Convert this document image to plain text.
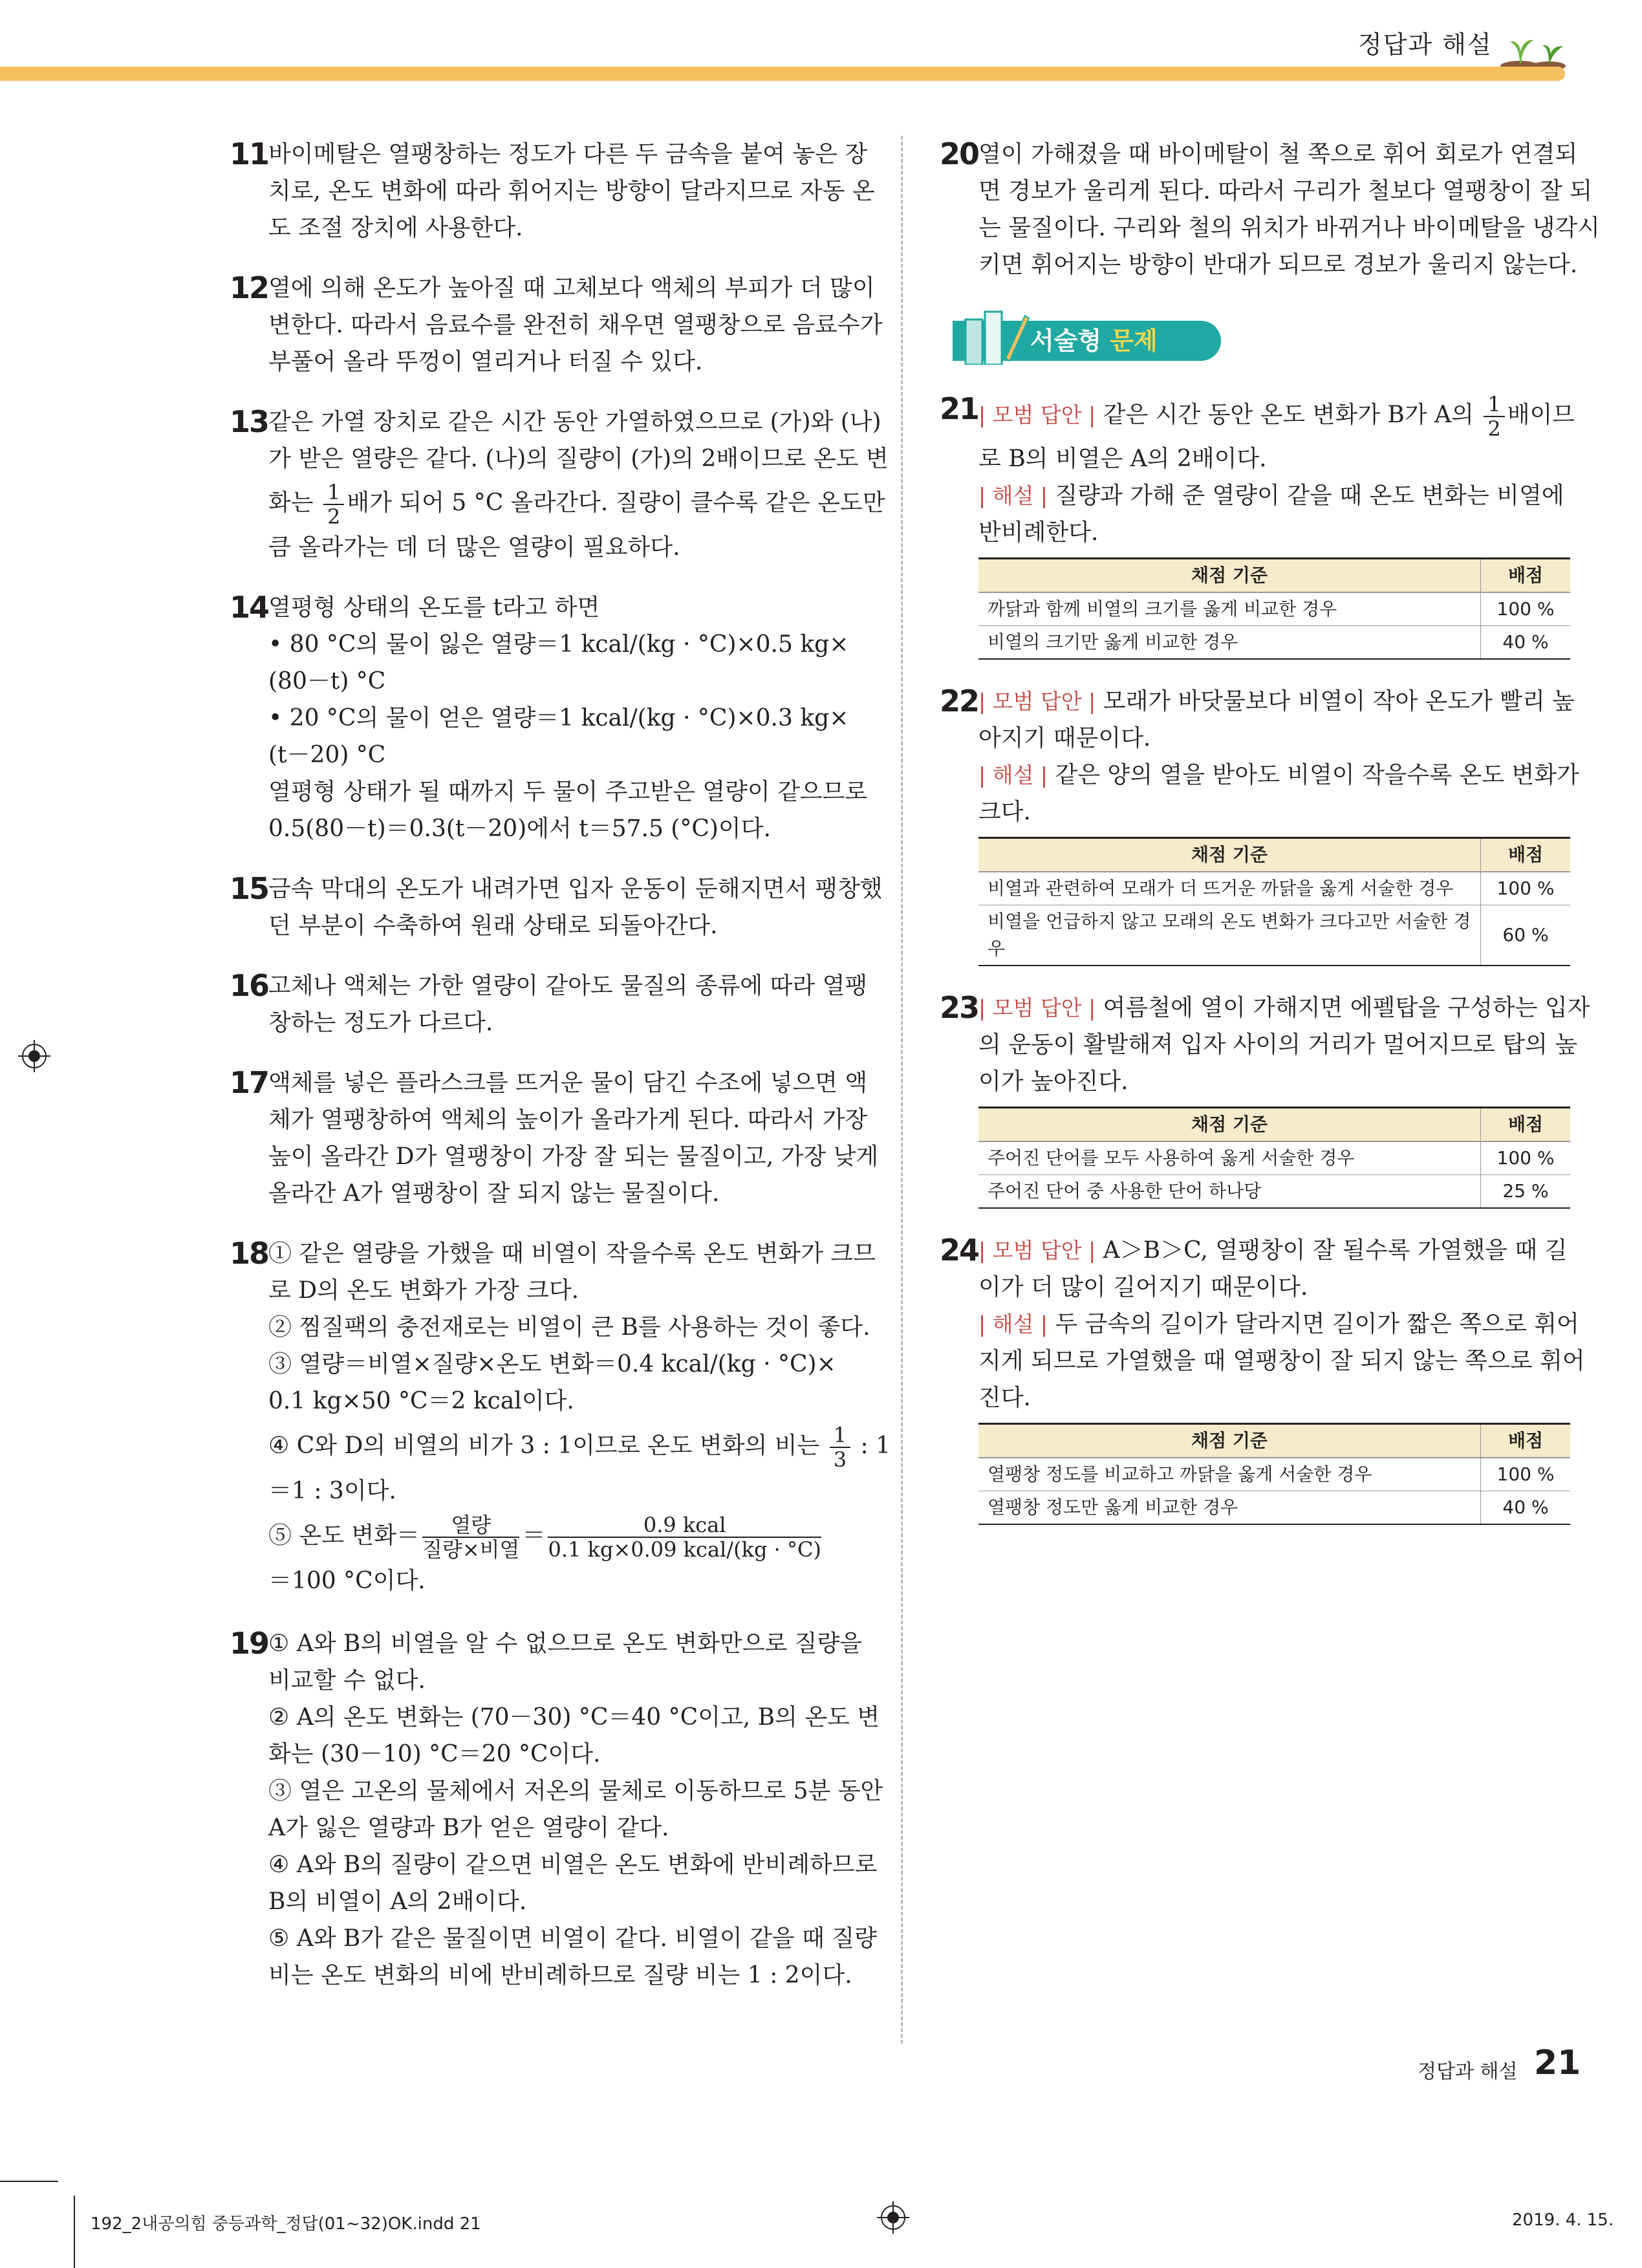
정답과 해설
11 바이메탈은 열팽창하는 정도가 다른 두 금속을 붙여 놓은 장
치로, 온도 변화에 따라 휘어지는 방향이 달라지므로 자동 온
도 조절 장치에 사용한다.
12 열에 의해 온도가 높아질 때 고체보다 액체의 부피가 더 많이
변한다. 따라서 음료수를 완전히 채우면 열팽창으로 음료수가
부풀어 올라 뚜껑이 열리거나 터질 수 있다.
13 같은 가열 장치로 같은 시간 동안 가열하였으므로 (가)와 (나)
가 받은 열량은 같다. (나)의 질량이 (가)의 2배이므로 온도 변
화는 $\frac{1}{2}$ 배가 되어 5 °C 올라간다. 질량이 클수록 같은 온도만
큼 올라가는 데 더 많은 열량이 필요하다.
14 열평형 상태의 온도를 t라고 하면
• 80 °C의 물이 잃은 열량＝1 kcal/(kg · °C)×0.5 kg×
(80－t) °C
• 20 °C의 물이 얻은 열량＝1 kcal/(kg · °C)×0.3 kg×
(t－20) °C
열평형 상태가 될 때까지 두 물이 주고받은 열량이 같으므로
0.5(80－t)＝0.3(t－20)에서 t＝57.5 (°C)이다.
15 금속 막대의 온도가 내려가면 입자 운동이 둔해지면서 팽창했
던 부분이 수축하여 원래 상태로 되돌아간다.
16 고체나 액체는 가한 열량이 같아도 물질의 종류에 따라 열팽
창하는 정도가 다르다.
17 액체를 넣은 플라스크를 뜨거운 물이 담긴 수조에 넣으면 액
체가 열팽창하여 액체의 높이가 올라가게 된다. 따라서 가장
높이 올라간 D가 열팽창이 가장 잘 되는 물질이고, 가장 낮게
올라간 A가 열팽창이 잘 되지 않는 물질이다.
18 ① 같은 열량을 가했을 때 비열이 작을수록 온도 변화가 크므
로 D의 온도 변화가 가장 크다.
② 찜질팩의 충전재로는 비열이 큰 B를 사용하는 것이 좋다.
③ 열량＝비열×질량×온도 변화＝0.4 kcal/(kg · °C)×
0.1 kg×50 °C＝2 kcal이다.
④ C와 D의 비열의 비가 3 : 1이므로 온도 변화의 비는 $\frac{1}{3}$ : 1
＝1 : 3이다.
⑤ 온도 변화＝ $\frac{\text{열량}}{\text{질량×비열}} = \frac{\text{0.9 kcal}}{\text{0.1 kg×0.09 kcal/(kg · °C)}}$
＝100 °C이다.
19 ① A와 B의 비열을 알 수 없으므로 온도 변화만으로 질량을
비교할 수 없다.
② A의 온도 변화는 (70－30) °C＝40 °C이고, B의 온도 변
화는 (30－10) °C＝20 °C이다.
③ 열은 고온의 물체에서 저온의 물체로 이동하므로 5분 동안
A가 잃은 열량과 B가 얻은 열량이 같다.
④ A와 B의 질량이 같으면 비열은 온도 변화에 반비례하므로
B의 비열이 A의 2배이다.
⑤ A와 B가 같은 물질이면 비열이 같다. 비열이 같을 때 질량
비는 온도 변화의 비에 반비례하므로 질량 비는 1 : 2이다.
20 열이 가해졌을 때 바이메탈이 철 쪽으로 휘어 회로가 연결되
면 경보가 울리게 된다. 따라서 구리가 철보다 열팽창이 잘 되
는 물질이다. 구리와 철의 위치가 바뀌거나 바이메탈을 냉각시
키면 휘어지는 방향이 반대가 되므로 경보가 울리지 않는다.
서술형 문제
21 | 모범 답안 | 같은 시간 동안 온도 변화가 B가 A의 $\frac{1}{2}$ 배이므
로 B의 비열은 A의 2배이다.
| 해설 | 질량과 가해 준 열량이 같을 때 온도 변화는 비열에
반비례한다.
채점 기준	배점
까닭과 함께 비열의 크기를 옳게 비교한 경우	100 %
비열의 크기만 옳게 비교한 경우	40 %
22 | 모범 답안 | 모래가 바닷물보다 비열이 작아 온도가 빨리 높
아지기 때문이다.
| 해설 | 같은 양의 열을 받아도 비열이 작을수록 온도 변화가
크다.
채점 기준	배점
비열과 관련하여 모래가 더 뜨거운 까닭을 옳게 서술한 경우	100 %
비열을 언급하지 않고 모래의 온도 변화가 크다고만 서술한 경우	60 %
23 | 모범 답안 | 여름철에 열이 가해지면 에펠탑을 구성하는 입자
의 운동이 활발해져 입자 사이의 거리가 멀어지므로 탑의 높
이가 높아진다.
채점 기준	배점
주어진 단어를 모두 사용하여 옳게 서술한 경우	100 %
주어진 단어 중 사용한 단어 하나당	25 %
24 | 모범 답안 | A＞B＞C, 열팽창이 잘 될수록 가열했을 때 길
이가 더 많이 길어지기 때문이다.
| 해설 | 두 금속의 길이가 달라지면 길이가 짧은 쪽으로 휘어
지게 되므로 가열했을 때 열팽창이 잘 되지 않는 쪽으로 휘어
진다.
채점 기준	배점
열팽창 정도를 비교하고 까닭을 옳게 서술한 경우	100 %
열팽창 정도만 옳게 비교한 경우	40 %
정답과 해설 21
192_2내공의힘 중등과학_정답(01~32)OK.indd 21	2019. 4. 15.
